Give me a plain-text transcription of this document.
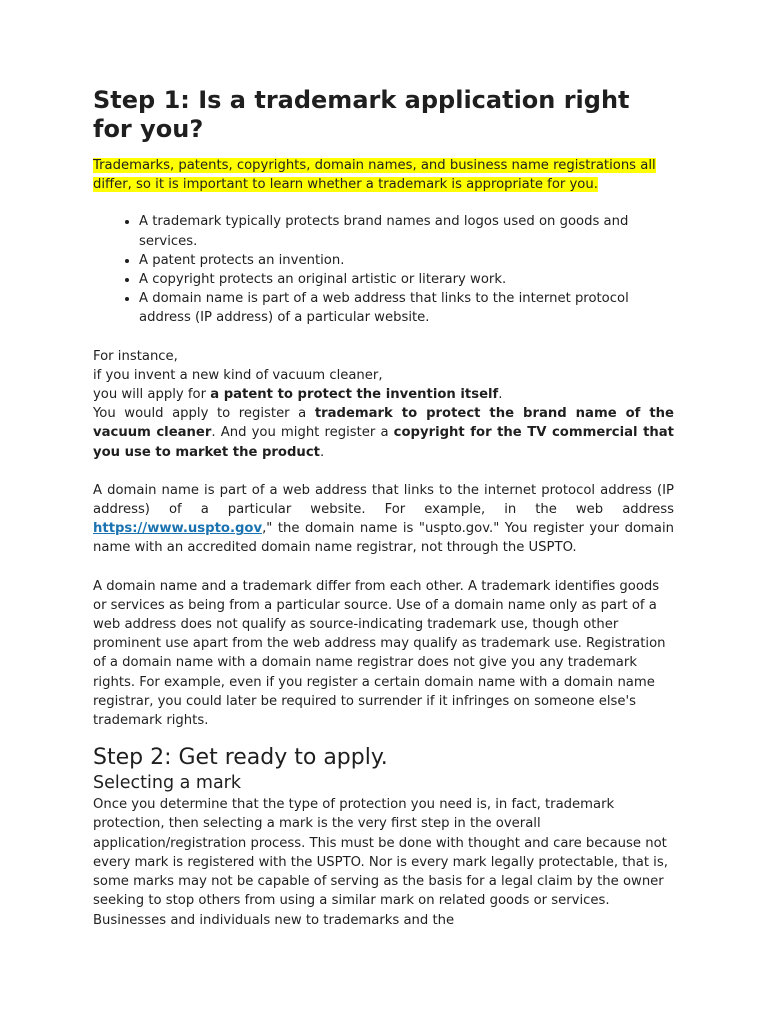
Step 1: Is a trademark application right for you?

Trademarks, patents, copyrights, domain names, and business name registrations all differ, so it is important to learn whether a trademark is appropriate for you.

• A trademark typically protects brand names and logos used on goods and services.
• A patent protects an invention.
• A copyright protects an original artistic or literary work.
• A domain name is part of a web address that links to the internet protocol address (IP address) of a particular website.

For instance,

if you invent a new kind of vacuum cleaner,

you will apply for a patent to protect the invention itself.

You would apply to register a trademark to protect the brand name of the vacuum cleaner. And you might register a copyright for the TV commercial that you use to market the product.

A domain name is part of a web address that links to the internet protocol address (IP address) of a particular website. For example, in the web address https://www.uspto.gov," the domain name is "uspto.gov." You register your domain name with an accredited domain name registrar, not through the USPTO.

A domain name and a trademark differ from each other. A trademark identifies goods or services as being from a particular source. Use of a domain name only as part of a web address does not qualify as source-indicating trademark use, though other prominent use apart from the web address may qualify as trademark use. Registration of a domain name with a domain name registrar does not give you any trademark rights. For example, even if you register a certain domain name with a domain name registrar, you could later be required to surrender if it infringes on someone else's trademark rights.

Step 2: Get ready to apply.
Selecting a mark

Once you determine that the type of protection you need is, in fact, trademark protection, then selecting a mark is the very first step in the overall application/registration process. This must be done with thought and care because not every mark is registered with the USPTO. Nor is every mark legally protectable, that is, some marks may not be capable of serving as the basis for a legal claim by the owner seeking to stop others from using a similar mark on related goods or services. Businesses and individuals new to trademarks and the
